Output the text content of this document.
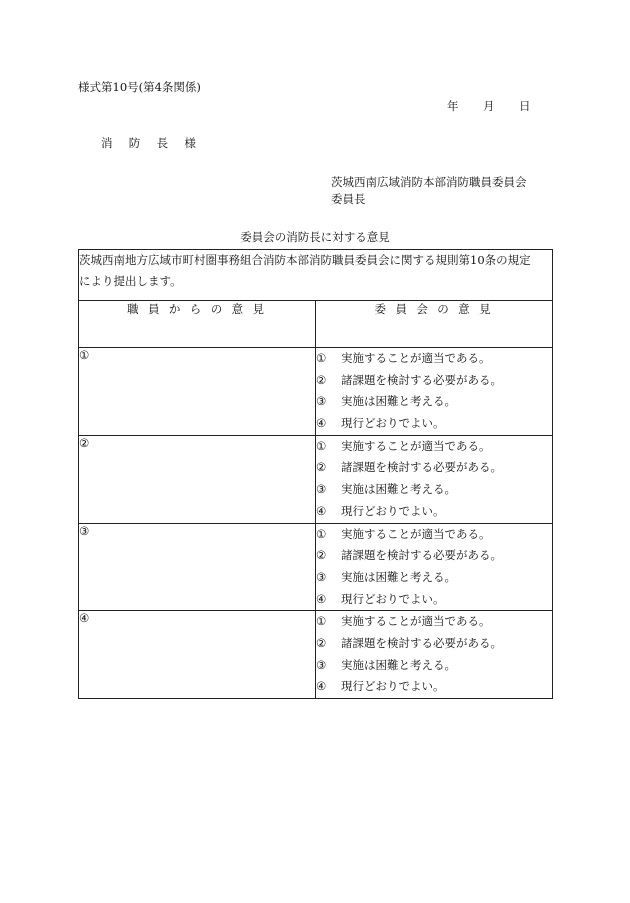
様式第10号(第4条関係)
年 月 日
消 防 長 様
茨城西南広域消防本部消防職員委員会
委員長
委員会の消防長に対する意見
茨城西南地方広域市町村圏事務組合消防本部消防職員委員会に関する規則第10条の規定
により提出します。	

職 員 か ら の 意 見	委 員 会 の 意 見
①	① 実施することが適当である。
② 諸課題を検討する必要がある。
③ 実施は困難と考える。
④ 現行どおりでよい。

②	① 実施することが適当である。
② 諸課題を検討する必要がある。
③ 実施は困難と考える。
④ 現行どおりでよい。

③	① 実施することが適当である。
② 諸課題を検討する必要がある。
③ 実施は困難と考える。
④ 現行どおりでよい。

④	① 実施することが適当である。
② 諸課題を検討する必要がある。
③ 実施は困難と考える。
④ 現行どおりでよい。
